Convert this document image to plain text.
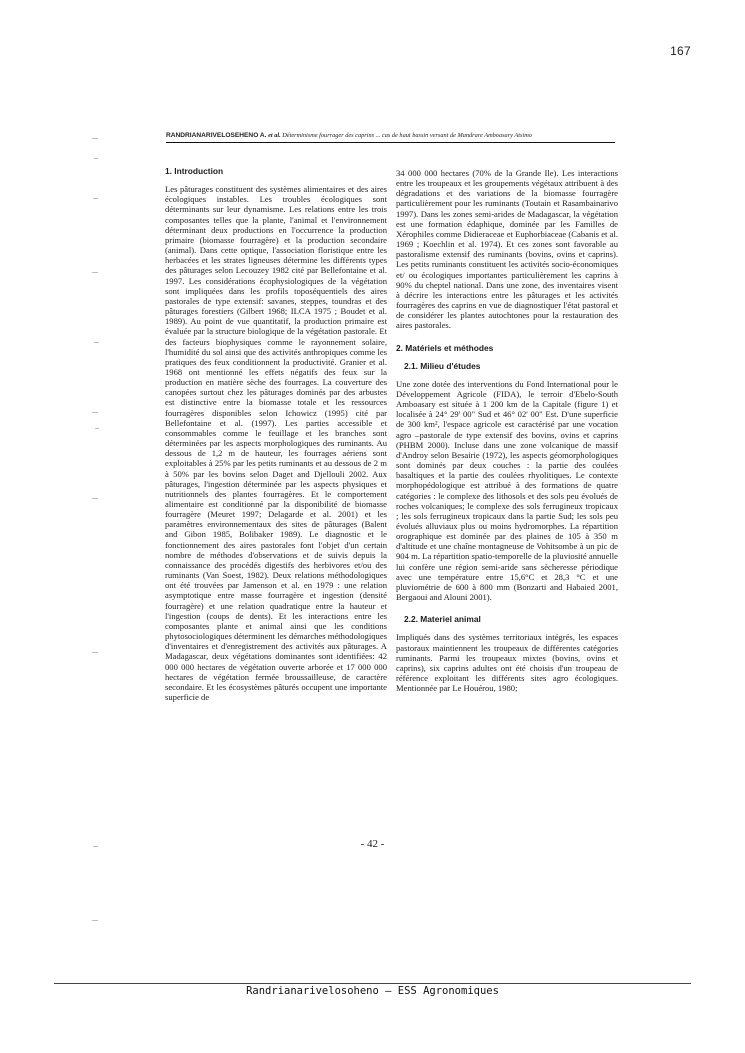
167
RANDRIANARIVELOSEHENO A. et al. Déterminisme fourrager des caprins ... cas de haut bassin versant de Mandrare Amboasary Atsimo
1. Introduction

Les pâturages constituent des systèmes alimentaires et des aires écologiques instables. Les troubles écologiques sont déterminants sur leur dynamisme. Les relations entre les trois composantes telles que la plante, l'animal et l'environnement déterminant deux productions en l'occurrence la production primaire (biomasse fourragère) et la production secondaire (animal). Dans cette optique, l'association floristique entre les herbacées et les strates ligneuses détermine les différents types des pâturages selon Lecouzey 1982 cité par Bellefontaine et al. 1997. Les considérations écophysiologiques de la végétation sont impliquées dans les profils toposéquentiels des aires pastorales de type extensif: savanes, steppes, toundras et des pâturages forestiers (Gilbert 1968; ILCA 1975 ; Boudet et al. 1989). Au point de vue quantitatif, la production primaire est évaluée par la structure biologique de la végétation pastorale. Et des facteurs biophysiques comme le rayonnement solaire, l'humidité du sol ainsi que des activités anthropiques comme les pratiques des feux conditionnent la productivité. Granier et al. 1968 ont mentionné les effets négatifs des feux sur la production en matière sèche des fourrages. La couverture des canopées surtout chez les pâturages dominés par des arbustes est distinctive entre la biomasse totale et les ressources fourragères disponibles selon Ichowicz (1995) cité par Bellefontaine et al. (1997). Les parties accessible et consommables comme le feuillage et les branches sont déterminées par les aspects morphologiques des ruminants. Au dessous de 1,2 m de hauteur, les fourrages aériens sont exploitables à 25% par les petits ruminants et au dessous de 2 m à 50% par les bovins selon Daget and Djellouli 2002. Aux pâturages, l'ingestion déterminée par les aspects physiques et nutritionnels des plantes fourragères. Et le comportement alimentaire est conditionné par la disponibilité de biomasse fourragère (Meuret 1997; Delagarde et al. 2001) et les paramètres environnementaux des sites de pâturages (Balent and Gibon 1985, Bolibaker 1989). Le diagnostic et le fonctionnement des aires pastorales font l'objet d'un certain nombre de méthodes d'observations et de suivis depuis la connaissance des procédés digestifs des herbivores et/ou des ruminants (Van Soest, 1982). Deux relations méthodologiques ont été trouvées par Jamenson et al. en 1979 : une relation asymptotique entre masse fourragère et ingestion (densité fourragère) et une relation quadratique entre la hauteur et l'ingestion (coups de dents). Et les interactions entre les composantes plante et animal ainsi que les conditions phytosociologiques déterminent les démarches méthodologiques d'inventaires et d'enregistrement des activités aux pâturages. A Madagascar, deux végétations dominantes sont identifiées: 42 000 000 hectares de végétation ouverte arborée et 17 000 000 hectares de végétation fermée broussailleuse, de caractère secondaire. Et les écosystèmes pâturés occupent une importante superficie de

34 000 000 hectares (70% de la Grande Ile). Les interactions entre les troupeaux et les groupements végétaux attribuent à des dégradations et des variations de la biomasse fourragère particulièrement pour les ruminants (Toutain et Rasambainarivo 1997). Dans les zones semi-arides de Madagascar, la végétation est une formation édaphique, dominée par les Familles de Xérophiles comme Didieraceae et Euphorbiaceae (Cabanis et al. 1969 ; Koechlin et al. 1974). Et ces zones sont favorable au pastoralisme extensif des ruminants (bovins, ovins et caprins). Les petits ruminants constituent les activités socio-économiques et/ ou écologiques importantes particulièrement les caprins à 90% du cheptel national. Dans une zone, des inventaires visent à décrire les interactions entre les pâturages et les activités fourragères des caprins en vue de diagnostiquer l'état pastoral et de considérer les plantes autochtones pour la restauration des aires pastorales.

2. Matériels et méthodes
2.1. Milieu d'études

Une zone dotée des interventions du Fond International pour le Développement Agricole (FIDA), le terroir d'Ebelo-South Amboasary est située à 1 200 km de la Capitale (figure 1) et localisée à 24° 29' 00" Sud et 46° 02' 00" Est. D'une superficie de 300 km², l'espace agricole est caractérisé par une vocation agro –pastorale de type extensif des bovins, ovins et caprins (PHBM 2000). Incluse dans une zone volcanique de massif d'Androy selon Besairie (1972), les aspects géomorphologiques sont dominés par deux couches : la partie des coulées basaltiques et la partie des coulées rhyolitiques. Le contexte morphopédologique est attribué à des formations de quatre catégories : le complexe des lithosols et des sols peu évolués de roches volcaniques; le complexe des sols ferrugineux tropicaux ; les sols ferrugineux tropicaux dans la partie Sud; les sols peu évolués alluviaux plus ou moins hydromorphes. La répartition orographique est dominée par des plaines de 105 à 350 m d'altitude et une chaîne montagneuse de Vohitsombe à un pic de 904 m. La répartition spatio-temporelle de la pluviosité annuelle lui confère une région semi-aride sans sècheresse périodique avec une température entre 15,6°C et 28,3 °C et une pluviométrie de 600 à 800 mm (Bonzarti and Habaied 2001, Bergaoui and Alouni 2001).

2.2. Materiel animal

Impliqués dans des systèmes territoriaux intégrés, les espaces pastoraux maintiennent les troupeaux de différentes catégories ruminants. Parmi les troupeaux mixtes (bovins, ovins et caprins), six caprins adultes ont été choisis d'un troupeau de référence exploitant les différents sites agro écologiques. Mentionnée par Le Houérou, 1980;

- 42 -
Randrianarivelosoheno – ESS Agronomiques
